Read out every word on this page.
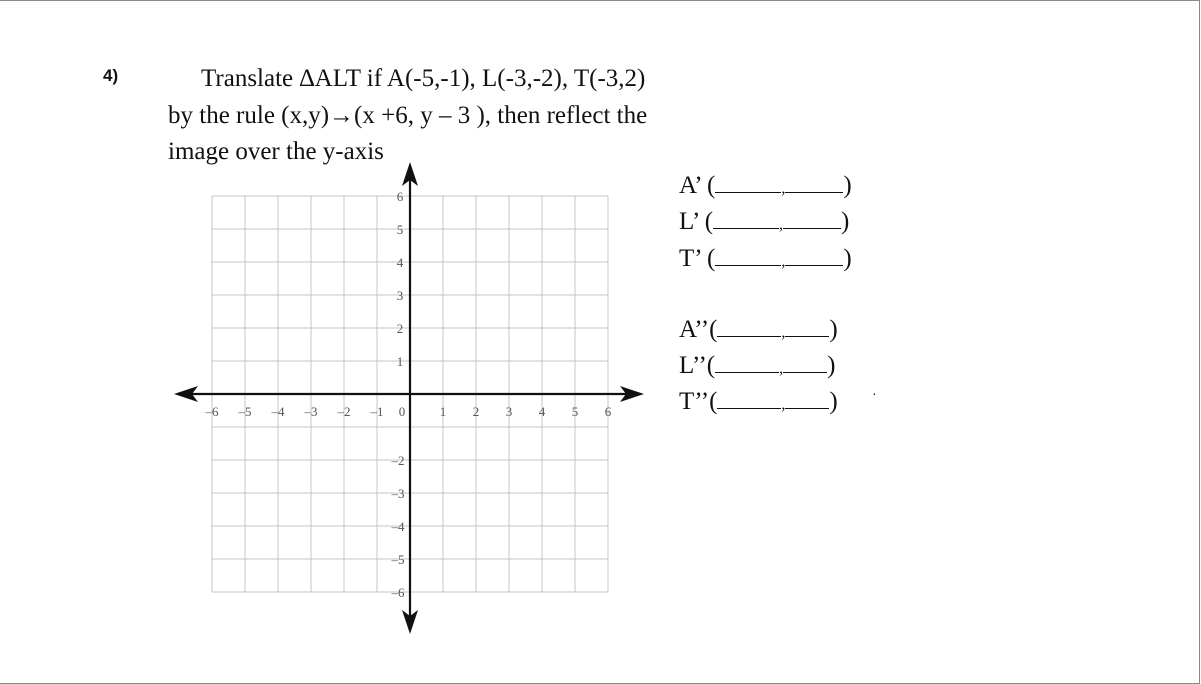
4)	Translate ∆ALT if A(-5,-1), L(-3,-2), T(-3,2)
by the rule (x,y)→(x +6, y – 3 ), then reflect the
image over the y-axis
–6 –5 –4 –3 –2 –1 0	1 2 3 4 5 6
1
2
3
4
5
6
–2
–3
–4
–5
–6
A’ (	, )
L’ (	, )
T’ (	, )
A’’(	, )
L’’(	, )
T’’(	, ) ·
